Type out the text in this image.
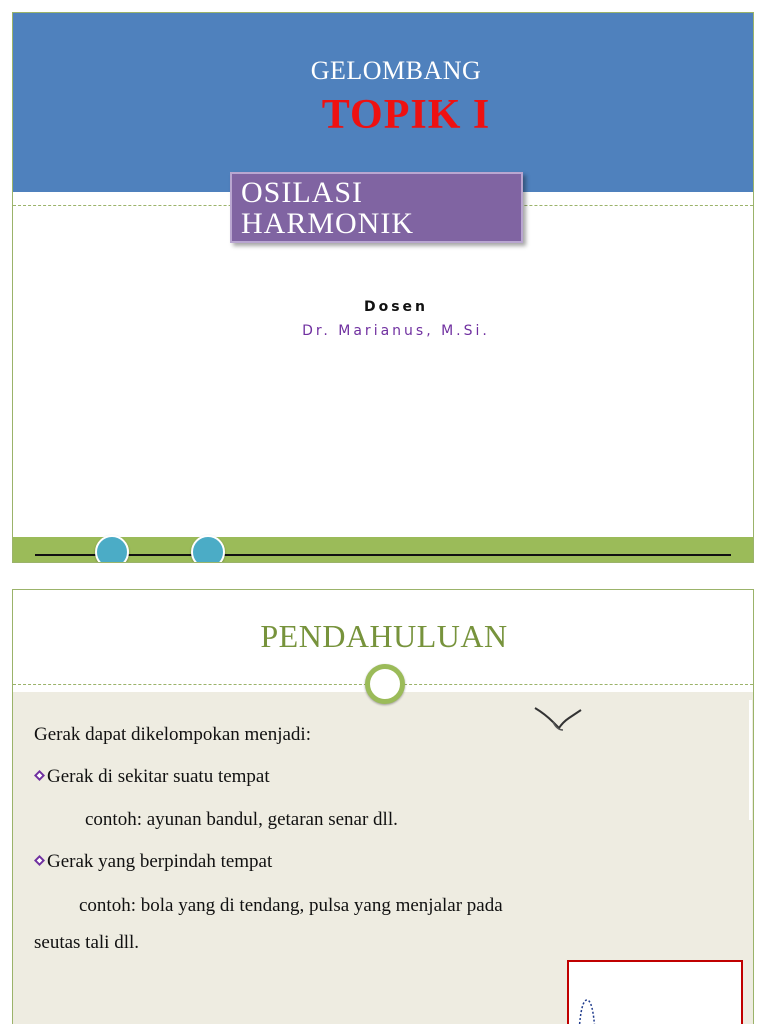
GELOMBANG
TOPIK I
OSILASI
HARMONIK
Dosen
Dr. Marianus, M.Si.
PENDAHULUAN
Gerak dapat dikelompokan menjadi:
Gerak di sekitar suatu tempat
contoh: ayunan bandul, getaran senar dll.
Gerak yang berpindah tempat
contoh: bola yang di tendang, pulsa yang menjalar pada
seutas tali dll.
